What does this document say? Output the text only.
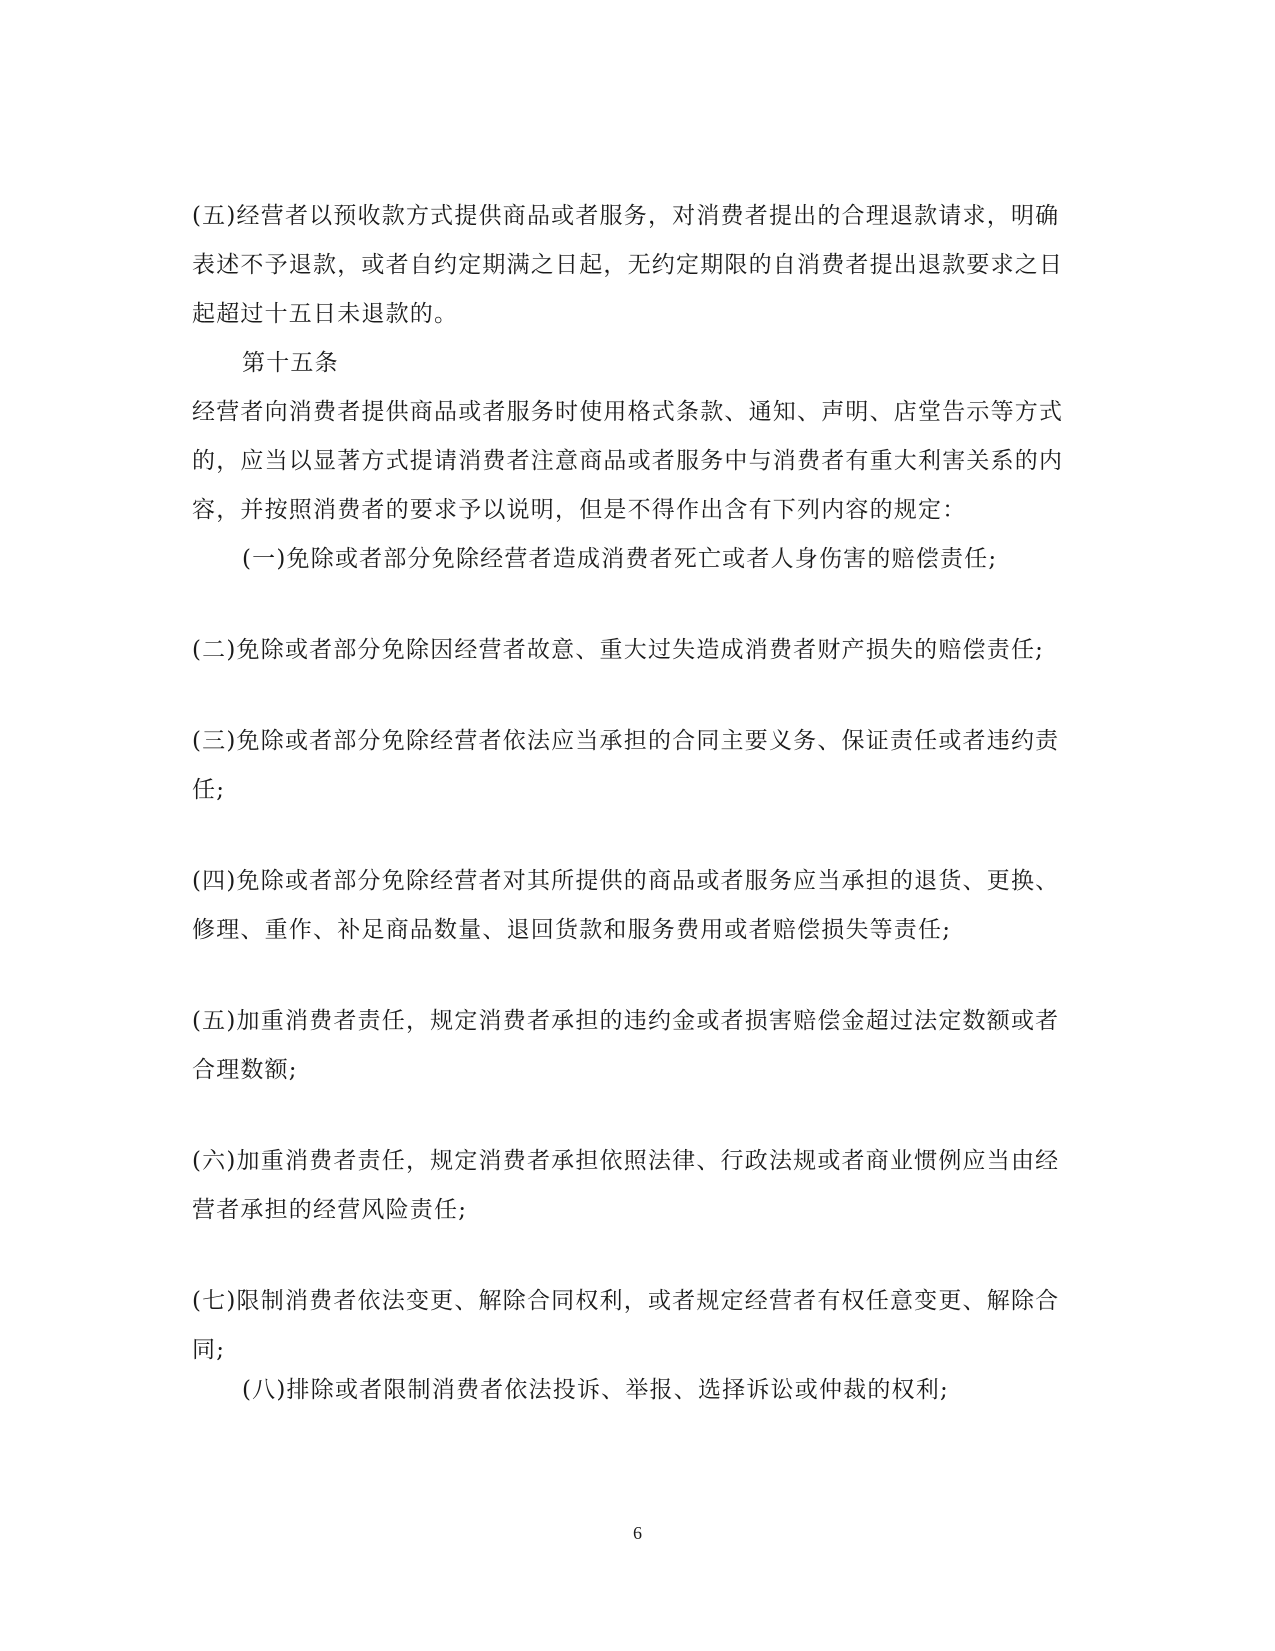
(五)经营者以预收款方式提供商品或者服务，对消费者提出的合理退款请求，明确表述不予退款，或者自约定期满之日起，无约定期限的自消费者提出退款要求之日起超过十五日未退款的。
第十五条
经营者向消费者提供商品或者服务时使用格式条款、通知、声明、店堂告示等方式的，应当以显著方式提请消费者注意商品或者服务中与消费者有重大利害关系的内容，并按照消费者的要求予以说明，但是不得作出含有下列内容的规定：
(一)免除或者部分免除经营者造成消费者死亡或者人身伤害的赔偿责任;
(二)免除或者部分免除因经营者故意、重大过失造成消费者财产损失的赔偿责任;
(三)免除或者部分免除经营者依法应当承担的合同主要义务、保证责任或者违约责任;
(四)免除或者部分免除经营者对其所提供的商品或者服务应当承担的退货、更换、修理、重作、补足商品数量、退回货款和服务费用或者赔偿损失等责任;
(五)加重消费者责任，规定消费者承担的违约金或者损害赔偿金超过法定数额或者合理数额;
(六)加重消费者责任，规定消费者承担依照法律、行政法规或者商业惯例应当由经营者承担的经营风险责任;
(七)限制消费者依法变更、解除合同权利，或者规定经营者有权任意变更、解除合同;
(八)排除或者限制消费者依法投诉、举报、选择诉讼或仲裁的权利;
6
